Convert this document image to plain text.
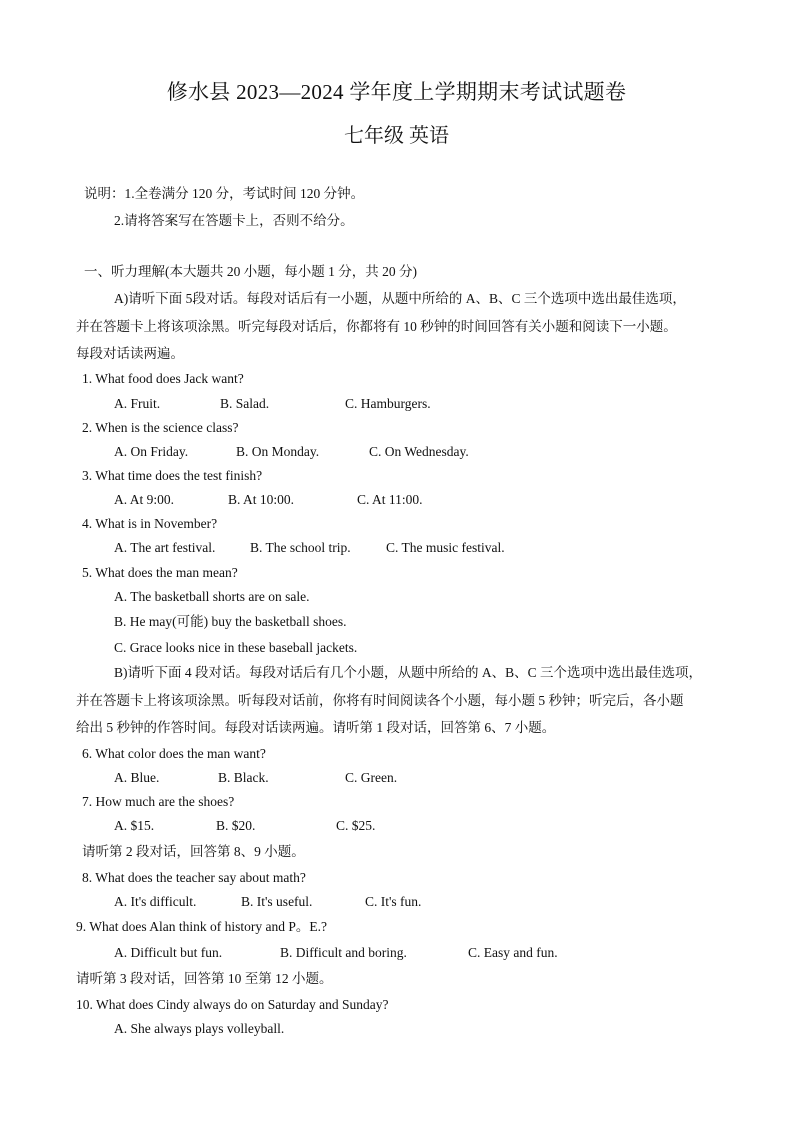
修水县 2023—2024 学年度上学期期末考试试题卷
七年级 英语
说明：1.全卷满分 120 分，考试时间 120 分钟。
2.请将答案写在答题卡上，否则不给分。
一、听力理解(本大题共 20 小题，每小题 1 分，共 20 分)
A)请听下面 5段对话。每段对话后有一小题，从题中所给的 A、B、C 三个选项中选出最佳选项，
并在答题卡上将该项涂黑。听完每段对话后，你都将有 10 秒钟的时间回答有关小题和阅读下一小题。
每段对话读两遍。
1. What food does Jack want?
A. Fruit.	B. Salad.	C. Hamburgers.
2. When is the science class?
A. On Friday.	B. On Monday.	C. On Wednesday.
3. What time does the test finish?
A. At 9:00.	B. At 10:00.	C. At 11:00.
4. What is in November?
A. The art festival.	B. The school trip.	C. The music festival.
5. What does the man mean?
A. The basketball shorts are on sale.
B. He may(可能) buy the basketball shoes.
C. Grace looks nice in these baseball jackets.
B)请听下面 4 段对话。每段对话后有几个小题，从题中所给的 A、B、C 三个选项中选出最佳选项，
并在答题卡上将该项涂黑。听每段对话前，你将有时间阅读各个小题，每小题 5 秒钟；听完后，各小题
给出 5 秒钟的作答时间。每段对话读两遍。请听第 1 段对话，回答第 6、7 小题。
6. What color does the man want?
A. Blue.	B. Black.	C. Green.
7. How much are the shoes?
A. $15.	B. $20.	C. $25.
请听第 2 段对话，回答第 8、9 小题。
8. What does the teacher say about math?
A. It's difficult.	B. It's useful.	C. It's fun.
9. What does Alan think of history and P。E.?
A. Difficult but fun.	B. Difficult and boring.	C. Easy and fun.
请听第 3 段对话，回答第 10 至第 12 小题。
10. What does Cindy always do on Saturday and Sunday?
A. She always plays volleyball.
